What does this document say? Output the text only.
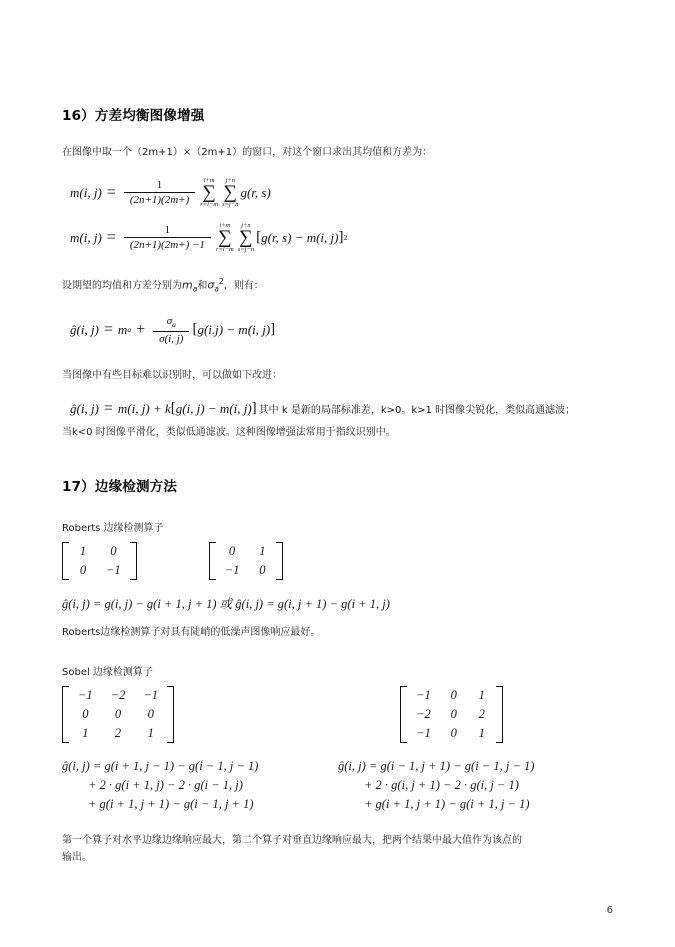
16）方差均衡图像增强

在图像中取一个（2m+1）×（2m+1）的窗口，对这个窗口求出其均值和方差为：

m(i, $j) = \frac{1}{(2n+1)(2m+)} i+m$
∑
r=i−m
j+n
∑
s=j−n
g(r, s)
m(i, $j) = \frac{1}{(2n+1)(2m+) -1} i+m$
∑
r=i−m
j+n
∑
s=j−n
[ g(r, s) − m(i, j) ] 2

设期望的均值和方差分别为$m_a$和$\sigma_a^2$，则有：

ĝ(i, j) = m $a + \frac{\sigma_a}{\sigma(i, j)}$ [ g(i.j) − m(i, j) ]

当图像中有些目标难以识别时，可以做如下改进：

ĝ(i, j) = m(i, j) + k [ g(i, j) − m(i, j) ] 其中 k 是新的局部标准差，k>0。k>1 时图像尖锐化，类似高通滤波；

当k<0 时图像平滑化，类似低通滤波。这种图像增强法常用于指纹识别中。

17）边缘检测方法

Roberts 边缘检测算子

1	0
0	−1
0	1
−1	0
ĝ(i, j) = g(i, j) − g(i + 1, j + 1) 或 ĝ(i, j) = g(i, j + 1) − g(i + 1, j)

Roberts边缘检测算子对具有陡峭的低澡声图像响应最好。

Sobel 边缘检测算子

−1	−2	−1
0	0	0
1	2	1
−1	0	1
−2	0	2
−1	0	1
ĝ(i, j) = g(i + 1, j − 1) − g(i − 1, j − 1)
+ 2 · g(i + 1, j) − 2 · g(i − 1, j)
+ g(i + 1, j + 1) − g(i − 1, j + 1)
ĝ(i, j) = g(i − 1, j + 1) − g(i − 1, j − 1)
+ 2 · g(i, j + 1) − 2 · g(i, j − 1)
+ g(i + 1, j + 1) − g(i + 1, j − 1)

第一个算子对水平边缘边缘响应最大，第二个算子对垂直边缘响应最大，把两个结果中最大值作为该点的
输出。

6
